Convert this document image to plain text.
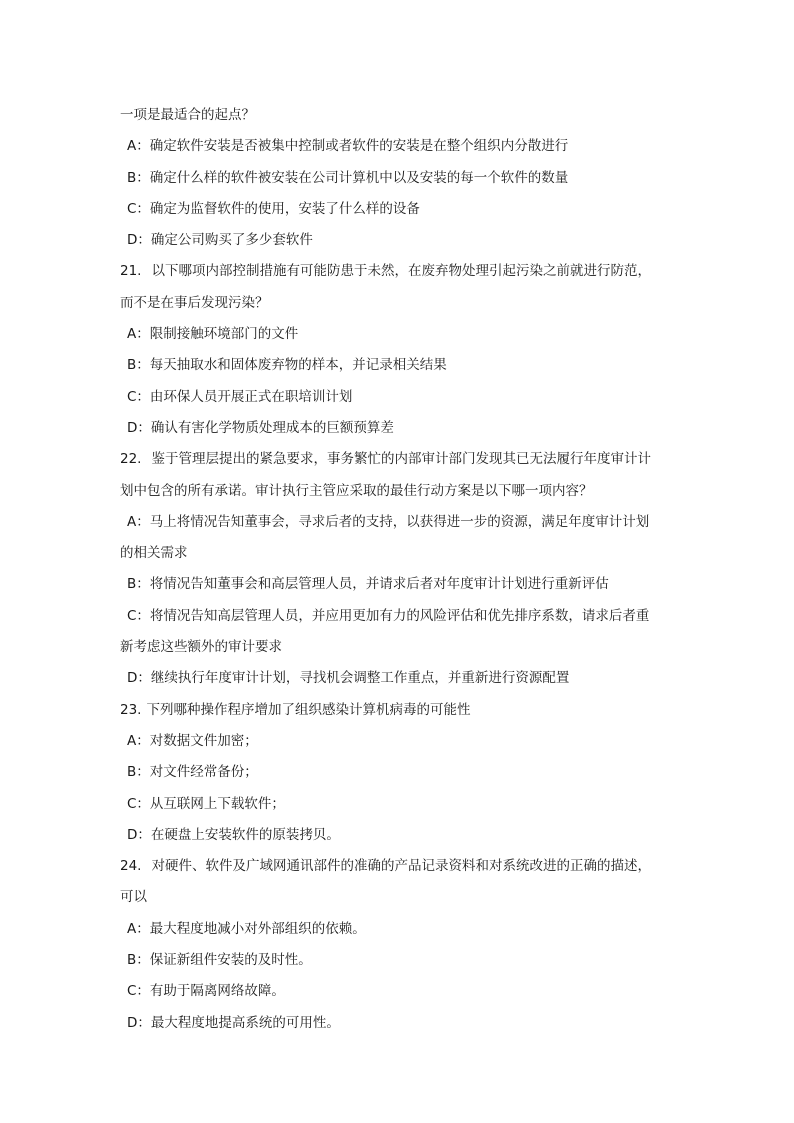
一项是最适合的起点？
A：确定软件安装是否被集中控制或者软件的安装是在整个组织内分散进行
B：确定什么样的软件被安装在公司计算机中以及安装的每一个软件的数量
C：确定为监督软件的使用，安装了什么样的设备
D：确定公司购买了多少套软件
21. 以下哪项内部控制措施有可能防患于未然，在废弃物处理引起污染之前就进行防范，
而不是在事后发现污染？
A：限制接触环境部门的文件
B：每天抽取水和固体废弃物的样本，并记录相关结果
C：由环保人员开展正式在职培训计划
D：确认有害化学物质处理成本的巨额预算差
22. 鉴于管理层提出的紧急要求，事务繁忙的内部审计部门发现其已无法履行年度审计计
划中包含的所有承诺。审计执行主管应采取的最佳行动方案是以下哪一项内容？
A：马上将情况告知董事会，寻求后者的支持，以获得进一步的资源，满足年度审计计划
的相关需求
B：将情况告知董事会和高层管理人员，并请求后者对年度审计计划进行重新评估
C：将情况告知高层管理人员，并应用更加有力的风险评估和优先排序系数，请求后者重
新考虑这些额外的审计要求
D：继续执行年度审计计划，寻找机会调整工作重点，并重新进行资源配置
23. 下列哪种操作程序增加了组织感染计算机病毒的可能性
A：对数据文件加密；
B：对文件经常备份；
C：从互联网上下载软件；
D：在硬盘上安装软件的原装拷贝。
24. 对硬件、软件及广域网通讯部件的准确的产品记录资料和对系统改进的正确的描述，
可以
A：最大程度地减小对外部组织的依赖。
B：保证新组件安装的及时性。
C：有助于隔离网络故障。
D：最大程度地提高系统的可用性。
